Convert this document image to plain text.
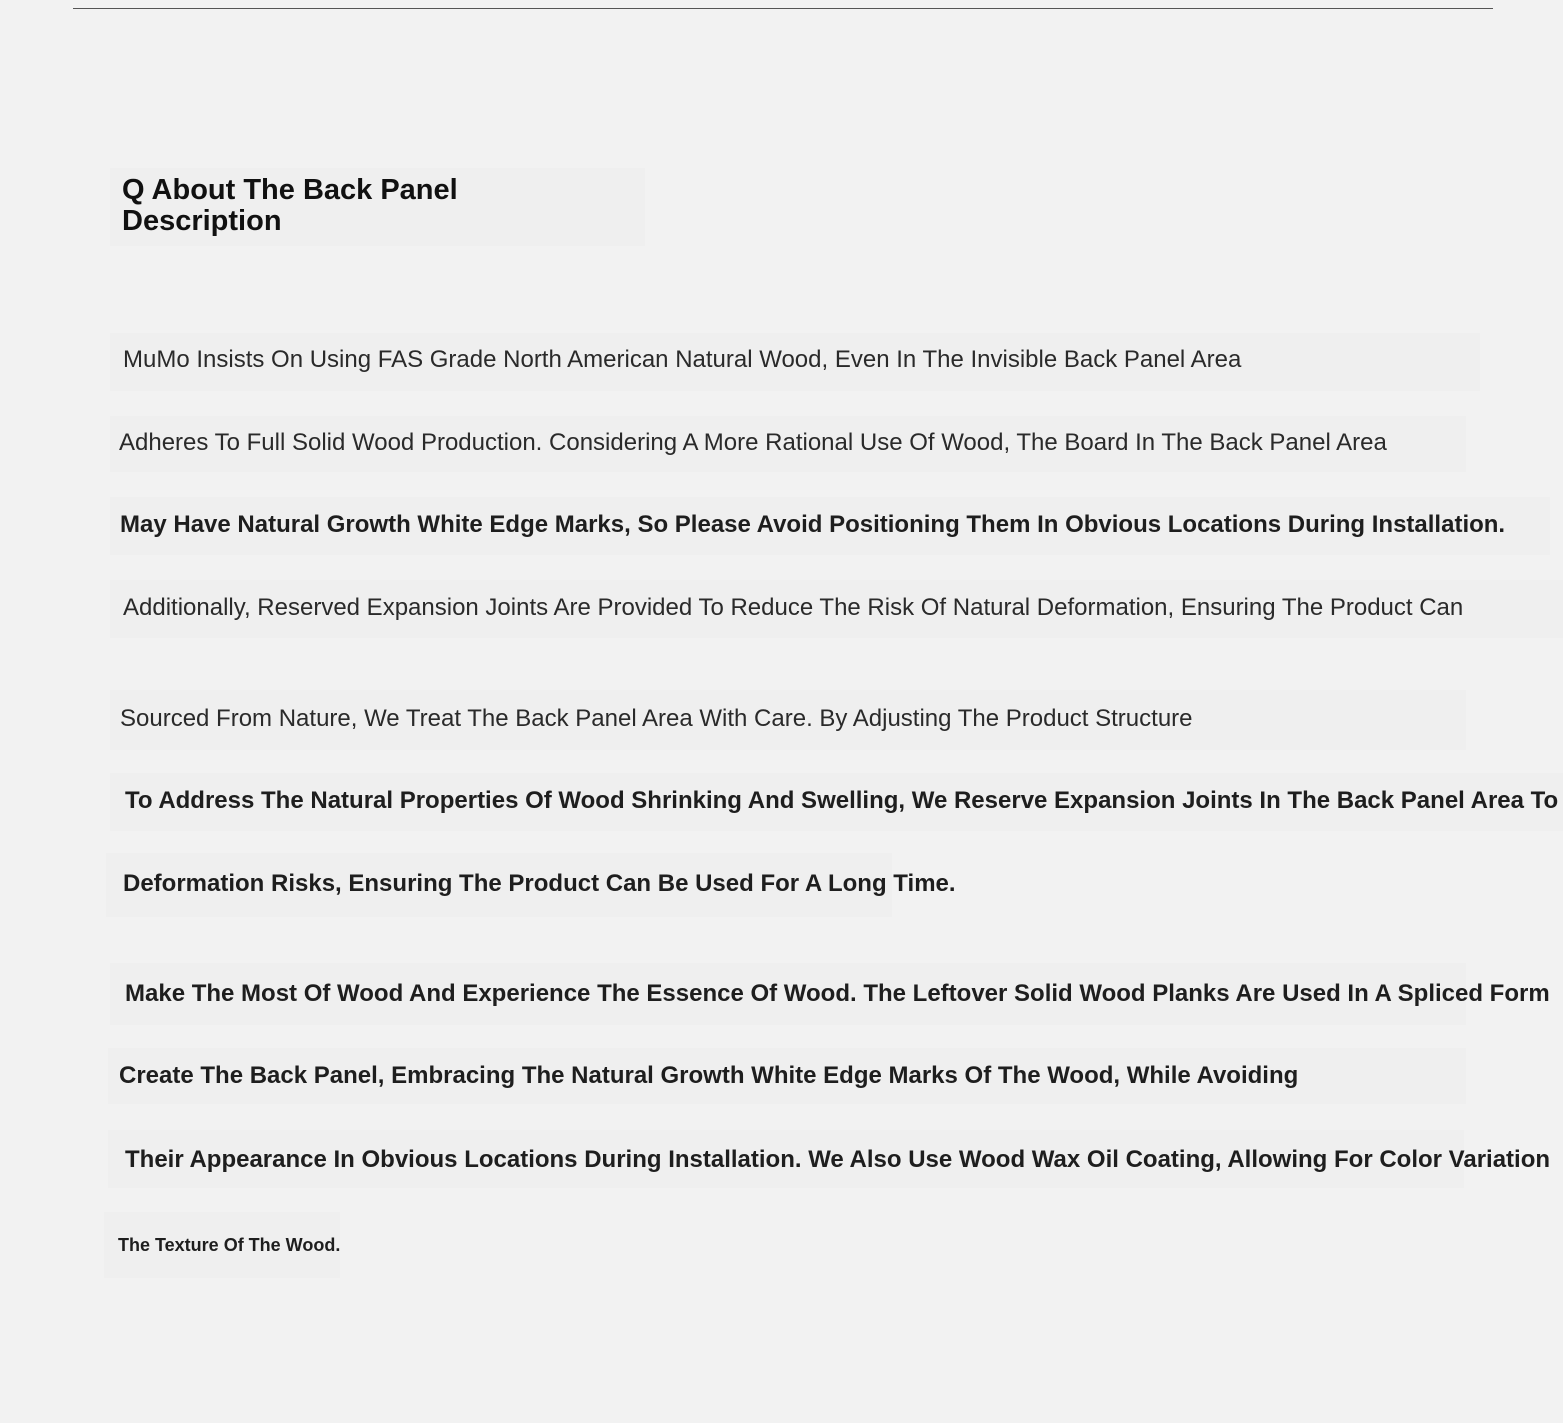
Q About The Back Panel Description
MuMo Insists On Using FAS Grade North American Natural Wood, Even In The Invisible Back Panel Area
Adheres To Full Solid Wood Production. Considering A More Rational Use Of Wood, The Board In The Back Panel Area
May Have Natural Growth White Edge Marks, So Please Avoid Positioning Them In Obvious Locations During Installation.
Additionally, Reserved Expansion Joints Are Provided To Reduce The Risk Of Natural Deformation, Ensuring The Product Can
Sourced From Nature, We Treat The Back Panel Area With Care. By Adjusting The Product Structure
To Address The Natural Properties Of Wood Shrinking And Swelling, We Reserve Expansion Joints In The Back Panel Area To
Deformation Risks, Ensuring The Product Can Be Used For A Long Time.
Make The Most Of Wood And Experience The Essence Of Wood. The Leftover Solid Wood Planks Are Used In A Spliced Form
Create The Back Panel, Embracing The Natural Growth White Edge Marks Of The Wood, While Avoiding
Their Appearance In Obvious Locations During Installation. We Also Use Wood Wax Oil Coating, Allowing For Color Variation
The Texture Of The Wood.
